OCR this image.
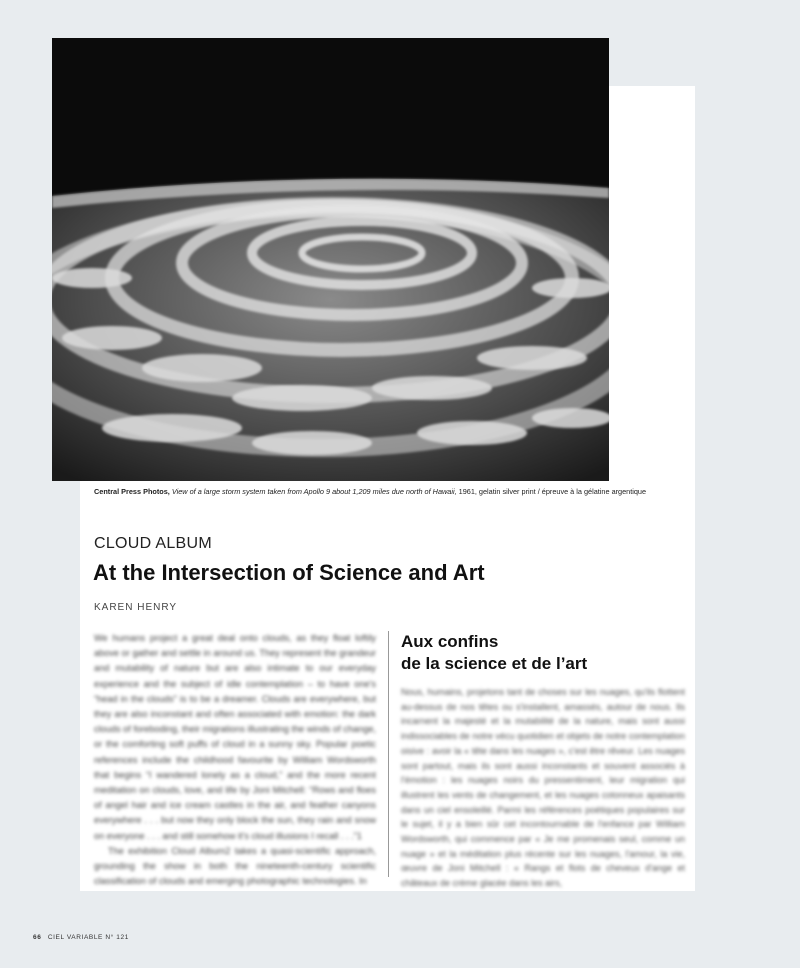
Central Press Photos, View of a large storm system taken from Apollo 9 about 1,209 miles due north of Hawaii, 1961, gelatin silver print / épreuve à la gélatine argentique
CLOUD ALBUM
At the Intersection of Science and Art
KAREN HENRY

We humans project a great deal onto clouds, as they float loftily above or gather and settle in around us. They represent the grandeur and mutability of nature but are also intimate to our everyday experience and the subject of idle contemplation – to have one's “head in the clouds” is to be a dreamer. Clouds are everywhere, but they are also inconstant and often associated with emotion: the dark clouds of foreboding, their migrations illustrating the winds of change, or the comforting soft puffs of cloud in a sunny sky. Popular poetic references include the childhood favourite by William Wordsworth that begins “I wandered lonely as a cloud,” and the more recent meditation on clouds, love, and life by Joni Mitchell: “Rows and floes of angel hair and ice cream castles in the air, and feather canyons everywhere . . . but now they only block the sun, they rain and snow on everyone . . . and still somehow it's cloud illusions I recall . . .”1

The exhibition Cloud Album2 takes a quasi-scientific approach, grounding the show in both the nineteenth-century scientific classification of clouds and emerging photographic technologies. In

Aux confins
de la science et de l’art
Nous, humains, projetons tant de choses sur les nuages, qu'ils flottent au-dessus de nos têtes ou s'installent, amassés, autour de nous. Ils incarnent la majesté et la mutabilité de la nature, mais sont aussi indissociables de notre vécu quotidien et objets de notre contemplation oisive : avoir la « tête dans les nuages », c'est être rêveur. Les nuages sont partout, mais ils sont aussi inconstants et souvent associés à l'émotion : les nuages noirs du pressentiment, leur migration qui illustrent les vents de changement, et les nuages cotonneux apaisants dans un ciel ensoleillé. Parmi les références poétiques populaires sur le sujet, il y a bien sûr cet incontournable de l'enfance par William Wordsworth, qui commence par « Je me promenais seul, comme un nuage » et la méditation plus récente sur les nuages, l'amour, la vie, œuvre de Joni Mitchell : « Rangs et flots de cheveux d'ange et châteaux de crème glacée dans les airs,
66 CIEL VARIABLE N° 121
